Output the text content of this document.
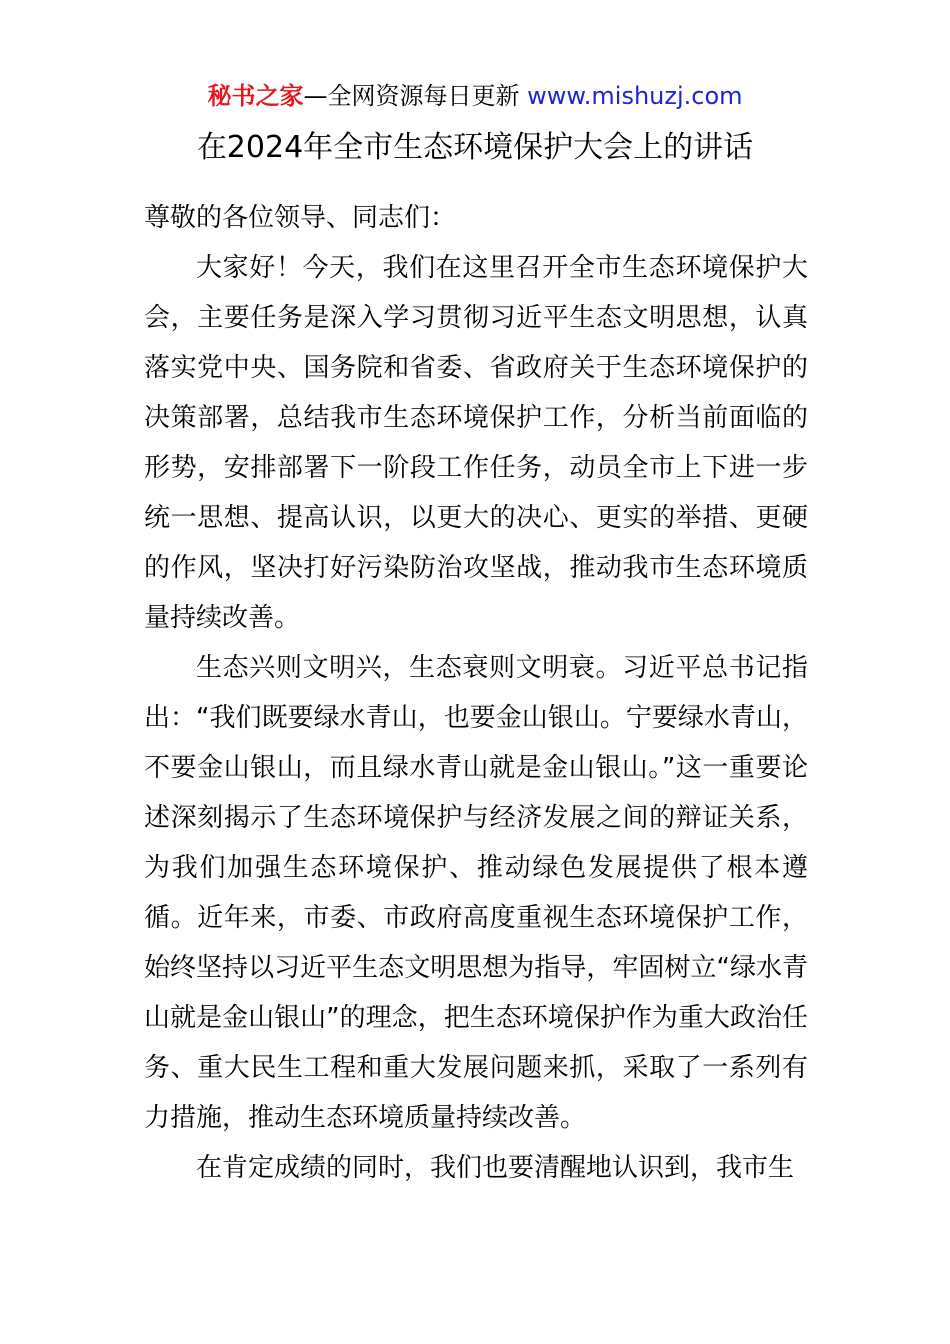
秘书之家—全网资源每日更新 www.mishuzj.com
在2024年全市生态环境保护大会上的讲话

尊敬的各位领导、同志们：

大家好！今天，我们在这里召开全市生态环境保护大会，主要任务是深入学习贯彻习近平生态文明思想，认真落实党中央、国务院和省委、省政府关于生态环境保护的决策部署，总结我市生态环境保护工作，分析当前面临的形势，安排部署下一阶段工作任务，动员全市上下进一步统一思想、提高认识，以更大的决心、更实的举措、更硬的作风，坚决打好污染防治攻坚战，推动我市生态环境质量持续改善。

生态兴则文明兴，生态衰则文明衰。习近平总书记指出：“我们既要绿水青山，也要金山银山。宁要绿水青山，不要金山银山，而且绿水青山就是金山银山。”这一重要论述深刻揭示了生态环境保护与经济发展之间的辩证关系，为我们加强生态环境保护、推动绿色发展提供了根本遵循。近年来，市委、市政府高度重视生态环境保护工作，始终坚持以习近平生态文明思想为指导，牢固树立“绿水青山就是金山银山”的理念，把生态环境保护作为重大政治任务、重大民生工程和重大发展问题来抓，采取了一系列有力措施，推动生态环境质量持续改善。

在肯定成绩的同时，我们也要清醒地认识到，我市生
